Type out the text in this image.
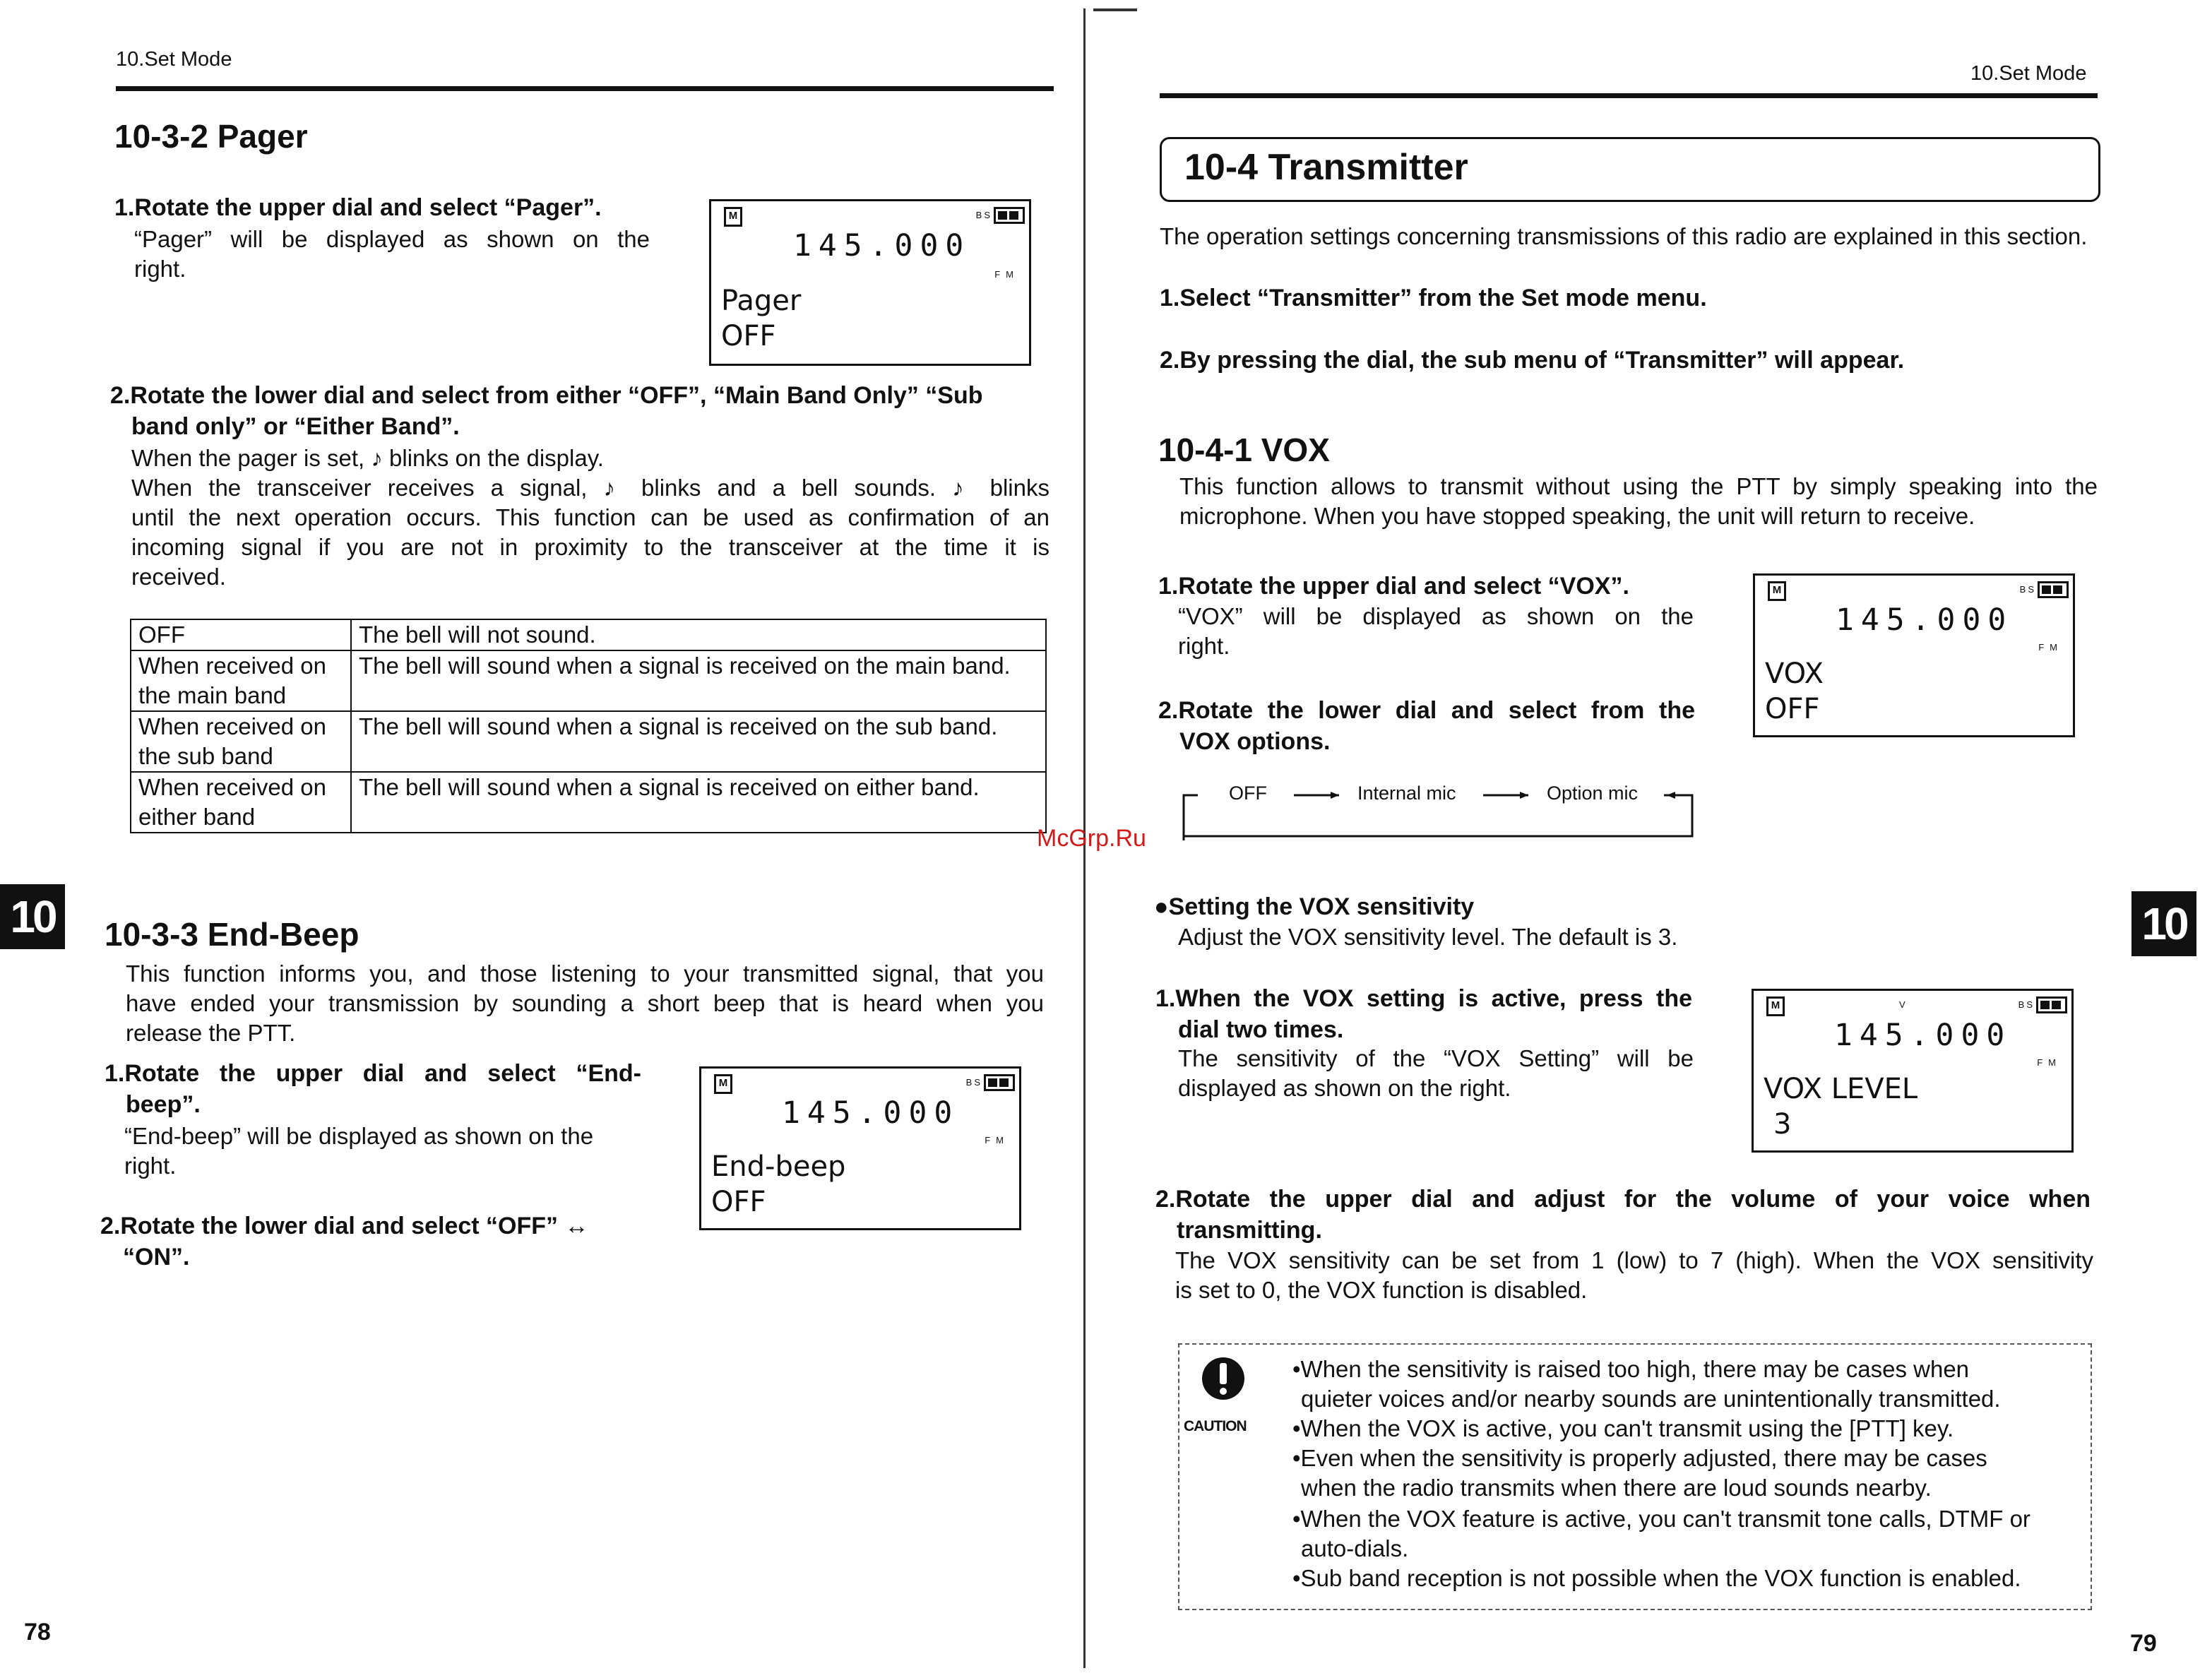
10.Set Mode
10-3-2 Pager
1.Rotate the upper dial and select “Pager”.
“Pager” will be displayed as shown on the
right.
M	BS
145.000
FM
Pager
OFF
2.Rotate the lower dial and select from either “OFF”, “Main Band Only” “Sub
band only” or “Either Band”.
When the pager is set, ♪ blinks on the display.
When the transceiver receives a signal, ♪ blinks and a bell sounds. ♪ blinks
until the next operation occurs. This function can be used as confirmation of an
incoming signal if you are not in proximity to the transceiver at the time it is
received.
OFF	The bell will not sound.
When received on the main band	The bell will sound when a signal is received on the main band.
When received on the sub band	The bell will sound when a signal is received on the sub band.
When received on either band	The bell will sound when a signal is received on either band.
10	10-3-3 End-Beep
This function informs you, and those listening to your transmitted signal, that you
have ended your transmission by sounding a short beep that is heard when you
release the PTT.
1.Rotate the upper dial and select “End-
beep”.
“End-beep” will be displayed as shown on the
right.
M	BS
145.000
FM
End-beep
OFF
2.Rotate the lower dial and select “OFF” ↔
“ON”.
78
McGrp.Ru
10.Set Mode
10-4 Transmitter
The operation settings concerning transmissions of this radio are explained in this section.
1.Select “Transmitter” from the Set mode menu.
2.By pressing the dial, the sub menu of “Transmitter” will appear.
10-4-1 VOX
This function allows to transmit without using the PTT by simply speaking into the
microphone. When you have stopped speaking, the unit will return to receive.
1.Rotate the upper dial and select “VOX”.
“VOX” will be displayed as shown on the
right.
M	BS
145.000
FM
VOX
OFF
2.Rotate the lower dial and select from the
VOX options.
OFF	Internal mic	Option mic
●Setting the VOX sensitivity
Adjust the VOX sensitivity level. The default is 3.
1.When the VOX setting is active, press the
dial two times.
The sensitivity of the “VOX Setting” will be
displayed as shown on the right.
M	V	BS
145.000
FM
VOX LEVEL
3
2.Rotate the upper dial and adjust for the volume of your voice when
transmitting.
The VOX sensitivity can be set from 1 (low) to 7 (high). When the VOX sensitivity
is set to 0, the VOX function is disabled.
CAUTION
•When the sensitivity is raised too high, there may be cases when
quieter voices and/or nearby sounds are unintentionally transmitted.
•When the VOX is active, you can't transmit using the [PTT] key.
•Even when the sensitivity is properly adjusted, there may be cases
when the radio transmits when there are loud sounds nearby.
•When the VOX feature is active, you can't transmit tone calls, DTMF or
auto-dials.
•Sub band reception is not possible when the VOX function is enabled.
10
79
